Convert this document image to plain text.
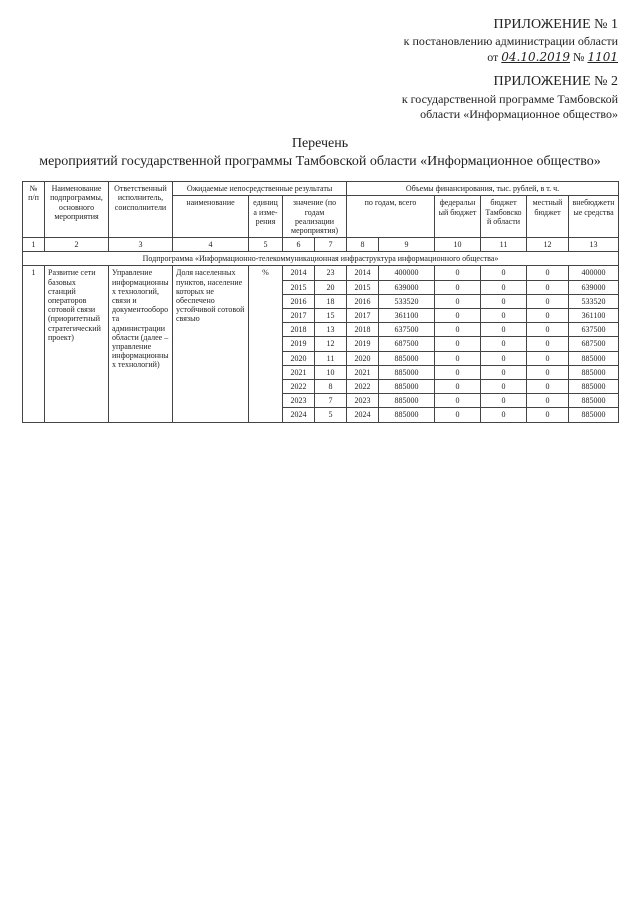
ПРИЛОЖЕНИЕ № 1
к постановлению администрации области
от 04.10.2019 № 1101
ПРИЛОЖЕНИЕ № 2
к государственной программе Тамбовской
области «Информационное общество»
Перечень
мероприятий государственной программы Тамбовской области «Информационное общество»
№ п/п	Наименование подпрограммы, основного мероприятия	Ответственный исполнитель, соисполнители	Ожидаемые непосредственные результаты				Объемы финансирования, тыс. рублей, в т. ч.					
			наименование	единица изме-рения	значение (по годам реализации мероприятия)		по годам, всего		федеральный бюджет	бюджет Тамбовской области	местный бюджет	внебюджетные средства
1	2	3	4	5	6	7	8	9	10	11	12	13
Подпрограмма «Информационно-телекоммуникационная инфраструктура информационного общества»												
1	Развитие сети базовых станций операторов сотовой связи (приоритетный стратегический проект)	Управление информационных технологий, связи и документооборота администрации области (далее – управление информационных технологий)	Доля населенных пунктов, население которых не обеспечено устойчивой сотовой связью	%	2014	23	2014	400000	0	0	0	400000
					2015	20	2015	639000	0	0	0	639000
					2016	18	2016	533520	0	0	0	533520
					2017	15	2017	361100	0	0	0	361100
					2018	13	2018	637500	0	0	0	637500
					2019	12	2019	687500	0	0	0	687500
					2020	11	2020	885000	0	0	0	885000
					2021	10	2021	885000	0	0	0	885000
					2022	8	2022	885000	0	0	0	885000
					2023	7	2023	885000	0	0	0	885000
					2024	5	2024	885000	0	0	0	885000
